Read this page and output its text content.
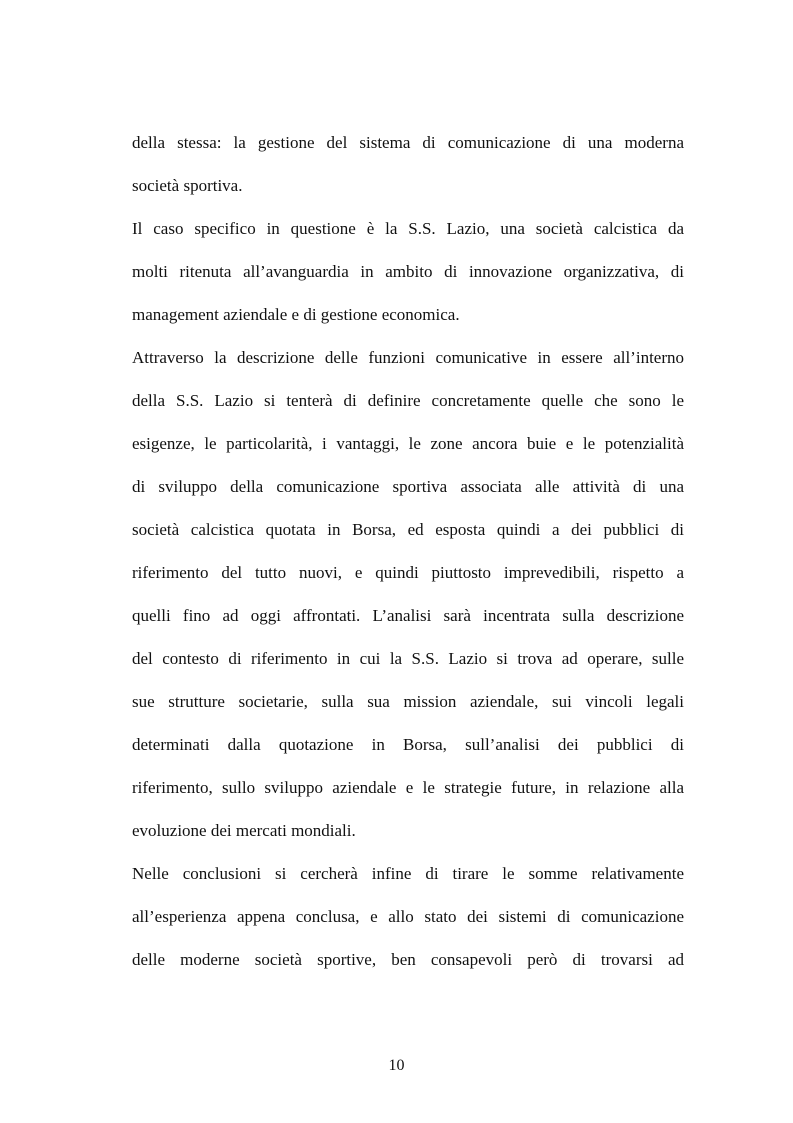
della stessa: la gestione del sistema di comunicazione di una moderna
società sportiva.
Il caso specifico in questione è la S.S. Lazio, una società calcistica da
molti ritenuta all’avanguardia in ambito di innovazione organizzativa, di
management aziendale e di gestione economica.
Attraverso la descrizione delle funzioni comunicative in essere all’interno
della S.S. Lazio si tenterà di definire concretamente quelle che sono le
esigenze, le particolarità, i vantaggi, le zone ancora buie e le potenzialità
di sviluppo della comunicazione sportiva associata alle attività di una
società calcistica quotata in Borsa, ed esposta quindi a dei pubblici di
riferimento del tutto nuovi, e quindi piuttosto imprevedibili, rispetto a
quelli fino ad oggi affrontati. L’analisi sarà incentrata sulla descrizione
del contesto di riferimento in cui la S.S. Lazio si trova ad operare, sulle
sue strutture societarie, sulla sua mission aziendale, sui vincoli legali
determinati dalla quotazione in Borsa, sull’analisi dei pubblici di
riferimento, sullo sviluppo aziendale e le strategie future, in relazione alla
evoluzione dei mercati mondiali.
Nelle conclusioni si cercherà infine di tirare le somme relativamente
all’esperienza appena conclusa, e allo stato dei sistemi di comunicazione
delle moderne società sportive, ben consapevoli però di trovarsi ad
10
